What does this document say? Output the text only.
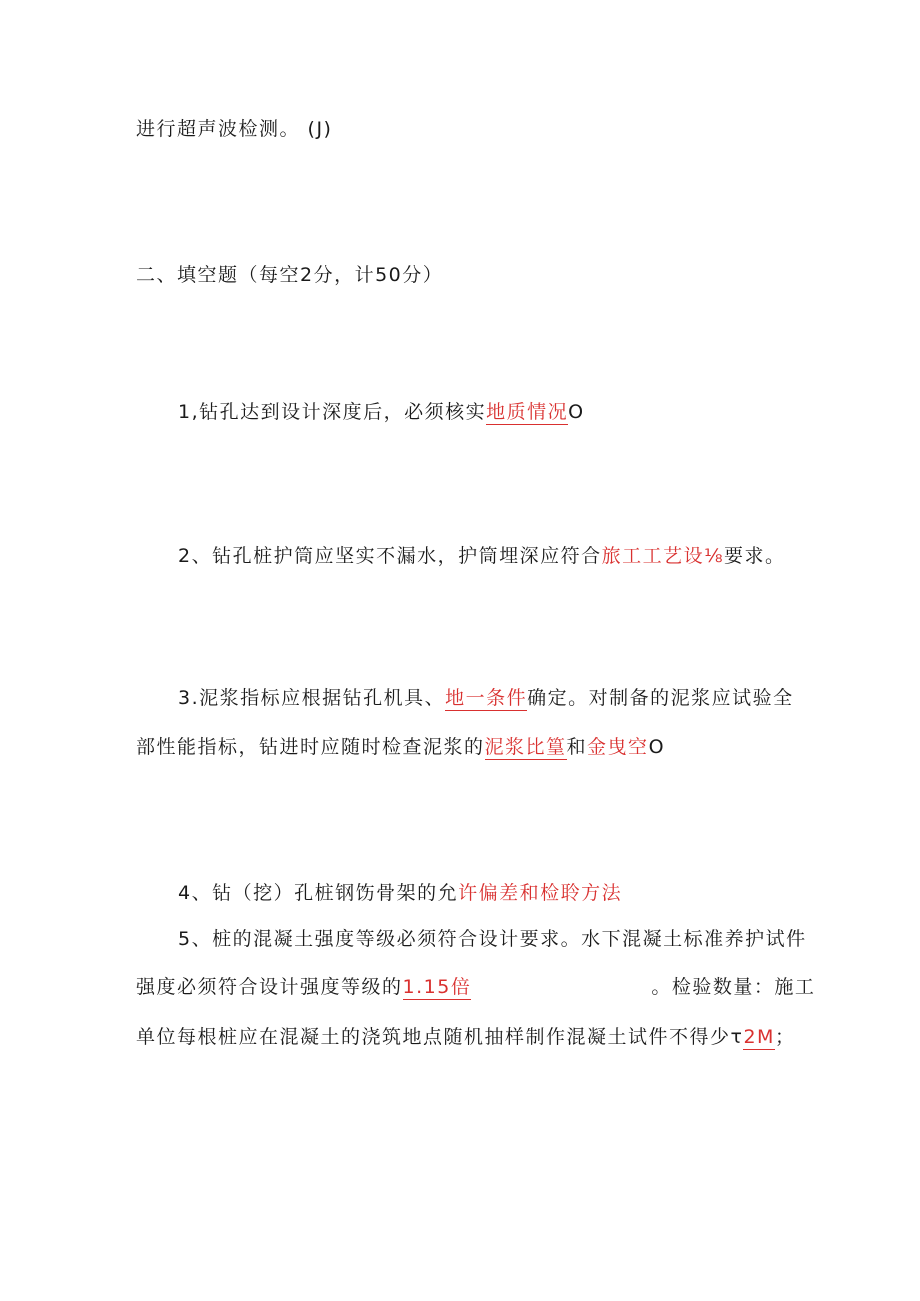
进行超声波检测。 (J)
二、填空题（每空2分，计50分）
1,钻孔达到设计深度后，必须核实地质情况O
2、钻孔桩护筒应坚实不漏水，护筒埋深应符合旅工工艺设⅛要求。
3.泥浆指标应根据钻孔机具、地一条件确定。对制备的泥浆应试验全
部性能指标，钻进时应随时检查泥浆的泥浆比篁和金曳空O
4、钻（挖）孔桩钢饬骨架的允许偏差和检聆方法
5、桩的混凝土强度等级必须符合设计要求。水下混凝土标准养护试件
强度必须符合设计强度等级的1.15倍	。检验数量：施工
单位每根桩应在混凝土的浇筑地点随机抽样制作混凝土试件不得少τ2M；
